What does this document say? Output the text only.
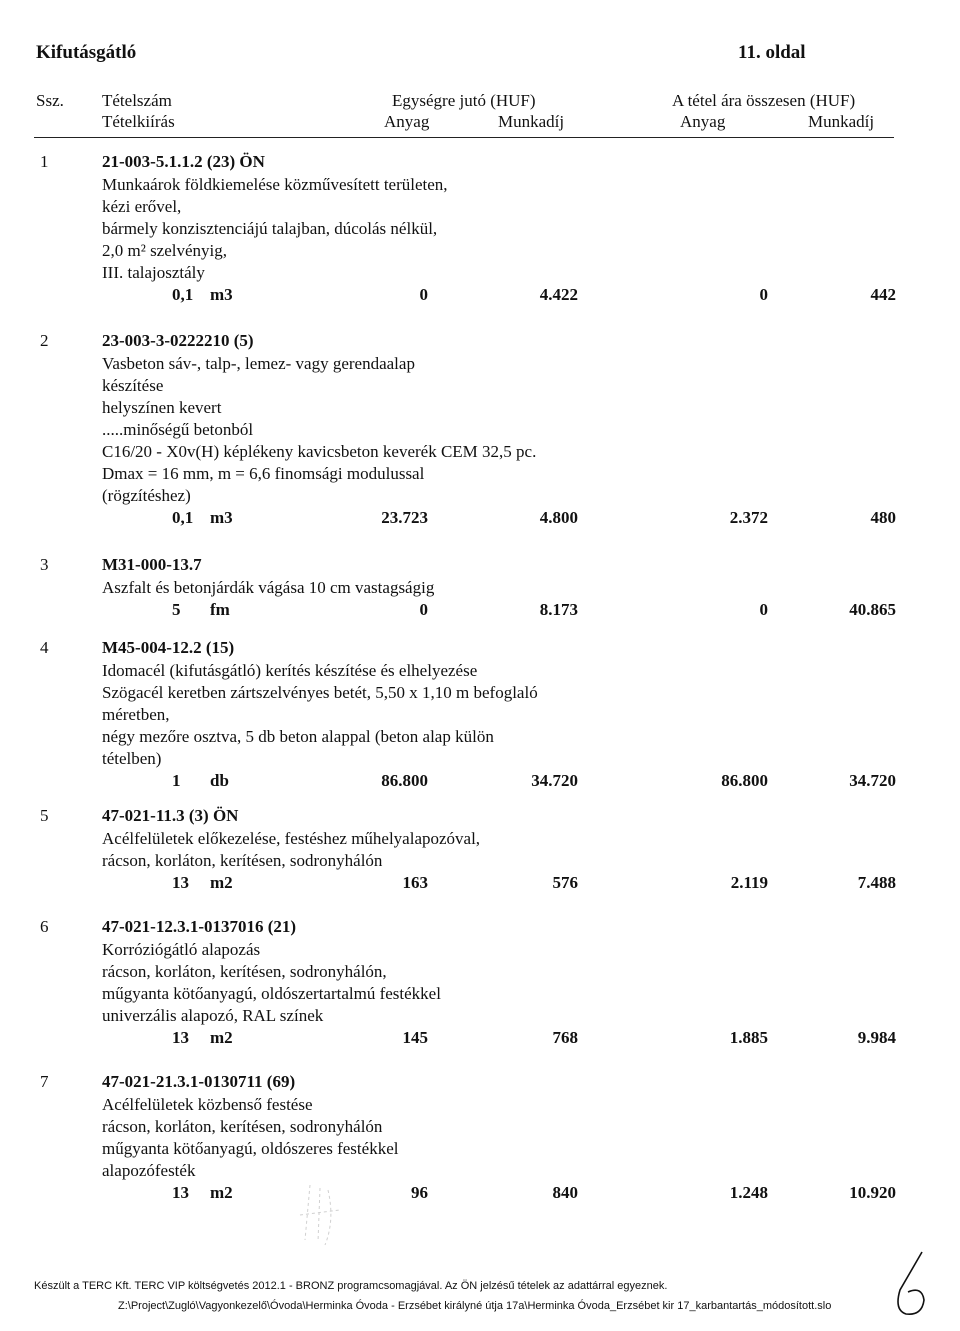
Kifutásgátló	11. oldal
Ssz. Tételszám
Tételkiírás
Egységre jutó (HUF)
Anyag	Munkadíj
A tétel ára összesen (HUF)
Anyag	Munkadíj
1	21-003-5.1.1.2 (23) ÖN
Munkaárok földkiemelése közművesített területen,
kézi erővel,
bármely konzisztenciájú talajban, dúcolás nélkül,
2,0 m² szelvényig,
III. talajosztály
0,1 m3	0	4.422	0	442
2	23-003-3-0222210 (5)
Vasbeton sáv-, talp-, lemez- vagy gerendaalap
készítése
helyszínen kevert
.....minőségű betonból
C16/20 - X0v(H) képlékeny kavicsbeton keverék CEM 32,5 pc.
Dmax = 16 mm, m = 6,6 finomsági modulussal
(rögzítéshez)
0,1 m3	23.723	4.800	2.372	480
3	M31-000-13.7
Aszfalt és betonjárdák vágása 10 cm vastagságig
5 fm	0	8.173	0	40.865
4	M45-004-12.2 (15)
Idomacél (kifutásgátló) kerítés készítése és elhelyezése
Szögacél keretben zártszelvényes betét, 5,50 x 1,10 m befoglaló
méretben,
négy mezőre osztva, 5 db beton alappal (beton alap külön
tételben)
1 db	86.800	34.720	86.800	34.720
5	47-021-11.3 (3) ÖN
Acélfelületek előkezelése, festéshez műhelyalapozóval,
rácson, korláton, kerítésen, sodronyhálón
13 m2	163	576	2.119	7.488
6	47-021-12.3.1-0137016 (21)
Korróziógátló alapozás
rácson, korláton, kerítésen, sodronyhálón,
műgyanta kötőanyagú, oldószertartalmú festékkel
univerzális alapozó, RAL színek
13 m2	145	768	1.885	9.984
7	47-021-21.3.1-0130711 (69)
Acélfelületek közbenső festése
rácson, korláton, kerítésen, sodronyhálón
műgyanta kötőanyagú, oldószeres festékkel
alapozófesték
13 m2	96	840	1.248	10.920
Készült a TERC Kft. TERC VIP költségvetés 2012.1 - BRONZ programcsomagjával. Az ÖN jelzésű tételek az adattárral egyeznek.
Z:\Project\Zugló\Vagyonkezelő\Óvoda\Herminka Óvoda - Erzsébet királyné útja 17a\Herminka Óvoda_Erzsébet kir 17_karbantartás_módosított.slo
